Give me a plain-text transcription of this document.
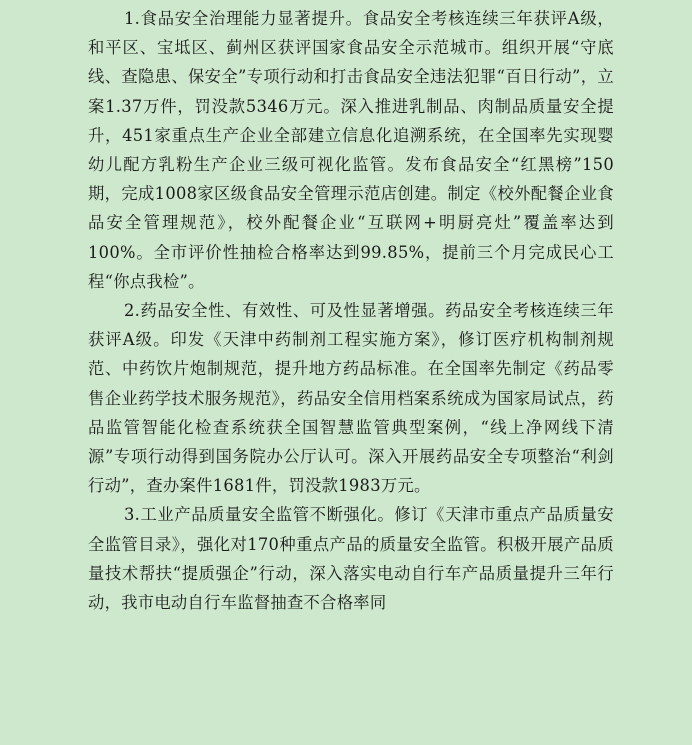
1.食品安全治理能力显著提升。食品安全考核连续三年获评A级，和平区、宝坻区、蓟州区获评国家食品安全示范城市。组织开展“守底线、查隐患、保安全”专项行动和打击食品安全违法犯罪“百日行动”，立案1.37万件，罚没款5346万元。深入推进乳制品、肉制品质量安全提升，451家重点生产企业全部建立信息化追溯系统，在全国率先实现婴幼儿配方乳粉生产企业三级可视化监管。发布食品安全“红黑榜”150期，完成1008家区级食品安全管理示范店创建。制定《校外配餐企业食品安全管理规范》，校外配餐企业“互联网+明厨亮灶”覆盖率达到100%。全市评价性抽检合格率达到99.85%，提前三个月完成民心工程“你点我检”。

2.药品安全性、有效性、可及性显著增强。药品安全考核连续三年获评A级。印发《天津中药制剂工程实施方案》，修订医疗机构制剂规范、中药饮片炮制规范，提升地方药品标准。在全国率先制定《药品零售企业药学技术服务规范》，药品安全信用档案系统成为国家局试点，药品监管智能化检查系统获全国智慧监管典型案例，“线上净网线下清源”专项行动得到国务院办公厅认可。深入开展药品安全专项整治“利剑行动”，查办案件1681件，罚没款1983万元。

3.工业产品质量安全监管不断强化。修订《天津市重点产品质量安全监管目录》，强化对170种重点产品的质量安全监管。积极开展产品质量技术帮扶“提质强企”行动，深入落实电动自行车产品质量提升三年行动，我市电动自行车监督抽查不合格率同
